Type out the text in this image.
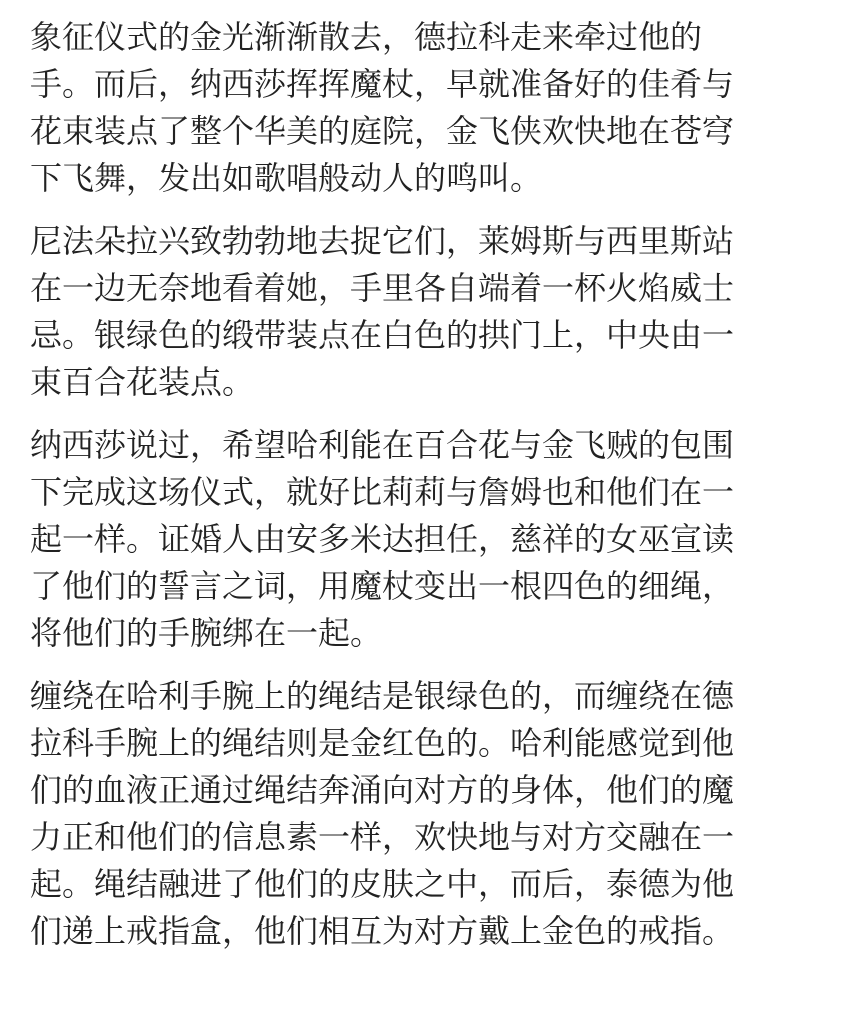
象征仪式的金光渐渐散去，德拉科走来牵过他的
手。而后，纳西莎挥挥魔杖，早就准备好的佳肴与
花束装点了整个华美的庭院，金飞侠欢快地在苍穹
下飞舞，发出如歌唱般动人的鸣叫。
尼法朵拉兴致勃勃地去捉它们，莱姆斯与西里斯站
在一边无奈地看着她，手里各自端着一杯火焰威士
忌。银绿色的缎带装点在白色的拱门上，中央由一
束百合花装点。
纳西莎说过，希望哈利能在百合花与金飞贼的包围
下完成这场仪式，就好比莉莉与詹姆也和他们在一
起一样。证婚人由安多米达担任，慈祥的女巫宣读
了他们的誓言之词，用魔杖变出一根四色的细绳，
将他们的手腕绑在一起。
缠绕在哈利手腕上的绳结是银绿色的，而缠绕在德
拉科手腕上的绳结则是金红色的。哈利能感觉到他
们的血液正通过绳结奔涌向对方的身体，他们的魔
力正和他们的信息素一样，欢快地与对方交融在一
起。绳结融进了他们的皮肤之中，而后，泰德为他
们递上戒指盒，他们相互为对方戴上金色的戒指。
